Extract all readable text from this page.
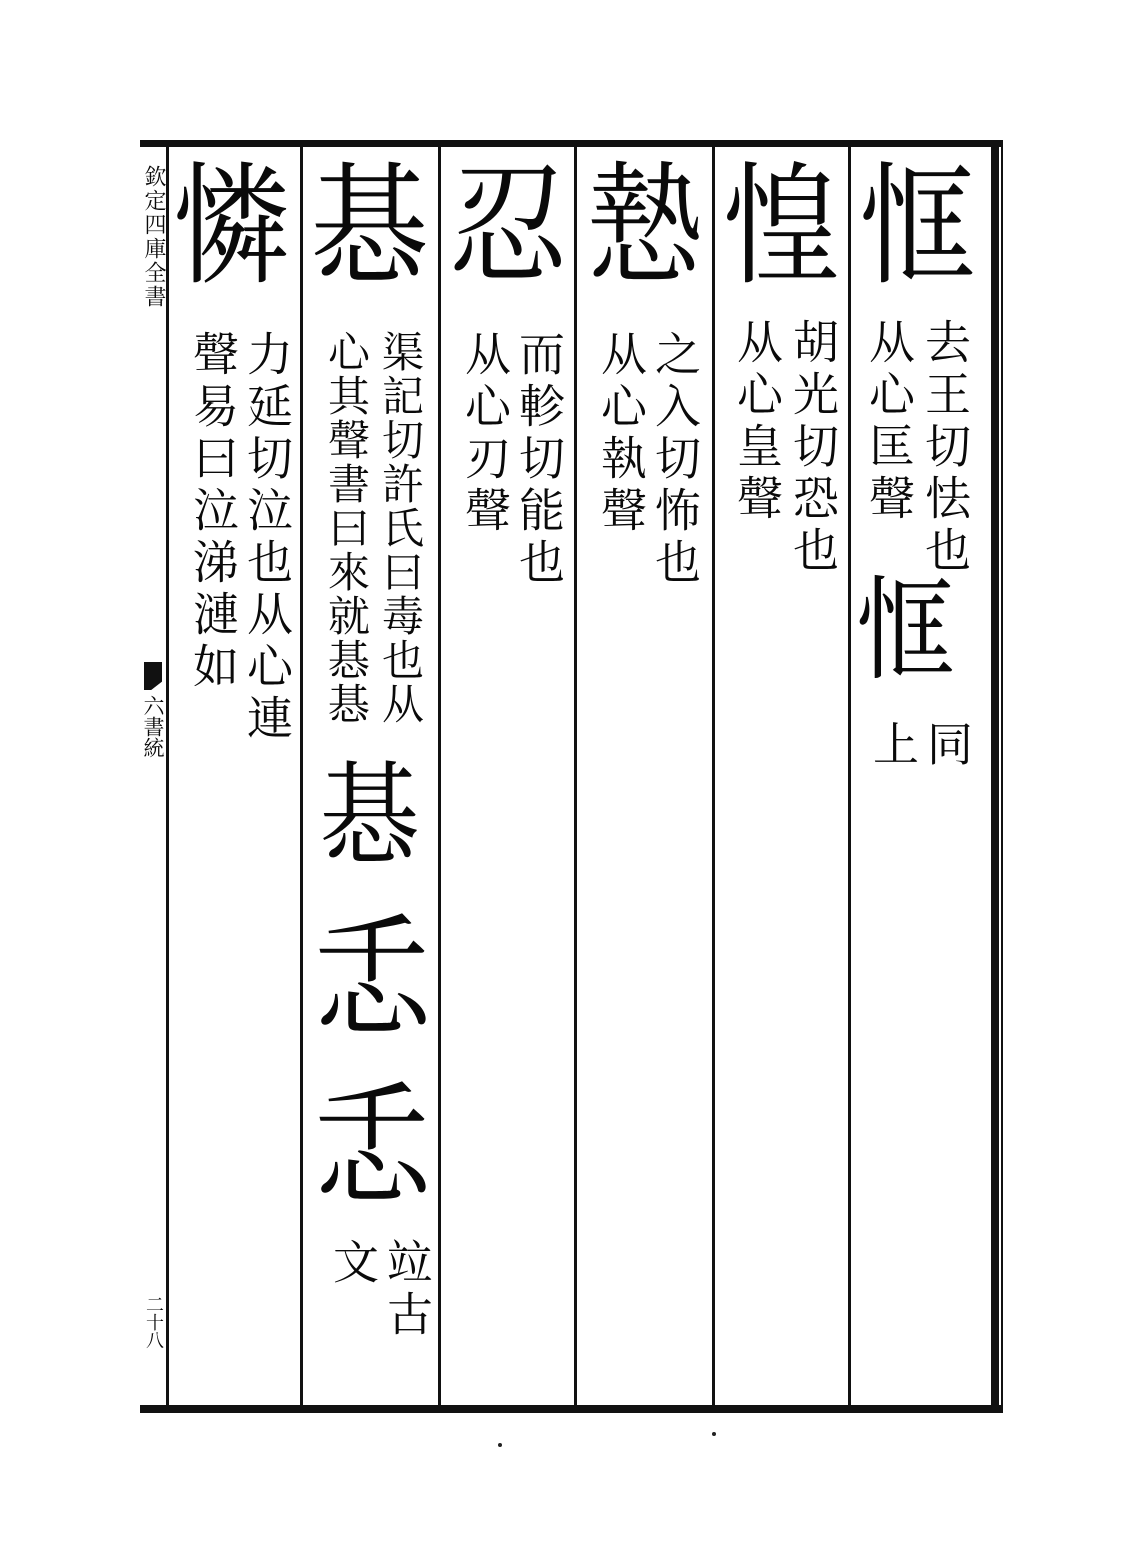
欽定四庫全書
六書統
二十八
恇
去王切怯也
从心匡聲
恇
同
上
惶
胡光切恐也
从心皇聲
慹
之入切怖也
从心執聲
忍
而軫切能也
从心刃聲
惎
渠記切許氏曰毒也从
心其聲書曰來就惎惎
惎
忎
忎
竝古
文
憐
力延切泣也从心連
聲易曰泣涕漣如
